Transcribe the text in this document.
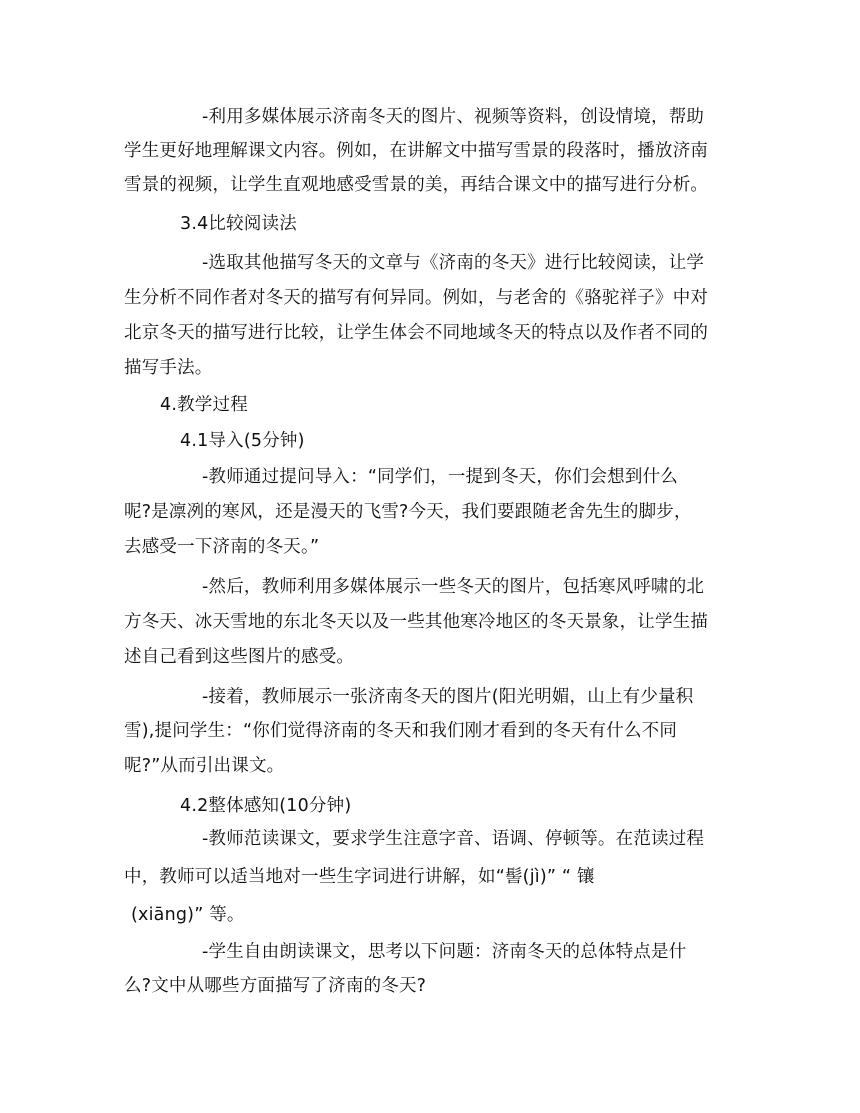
-利用多媒体展示济南冬天的图片、视频等资料，创设情境，帮助
学生更好地理解课文内容。例如，在讲解文中描写雪景的段落时，播放济南
雪景的视频，让学生直观地感受雪景的美，再结合课文中的描写进行分析。
3.4比较阅读法
-选取其他描写冬天的文章与《济南的冬天》进行比较阅读，让学
生分析不同作者对冬天的描写有何异同。例如，与老舍的《骆驼祥子》中对
北京冬天的描写进行比较，让学生体会不同地域冬天的特点以及作者不同的
描写手法。
4.教学过程
4.1导入(5分钟)
-教师通过提问导入：“同学们，一提到冬天，你们会想到什么
呢?是凛冽的寒风，还是漫天的飞雪?今天，我们要跟随老舍先生的脚步，
去感受一下济南的冬天。”
-然后，教师利用多媒体展示一些冬天的图片，包括寒风呼啸的北
方冬天、冰天雪地的东北冬天以及一些其他寒冷地区的冬天景象，让学生描
述自己看到这些图片的感受。
-接着，教师展示一张济南冬天的图片(阳光明媚，山上有少量积
雪),提问学生：“你们觉得济南的冬天和我们刚才看到的冬天有什么不同
呢?”从而引出课文。
4.2整体感知(10分钟)
-教师范读课文，要求学生注意字音、语调、停顿等。在范读过程
中，教师可以适当地对一些生字词进行讲解，如“髻(jì)” “ 镶
(xiāng)” 等。
-学生自由朗读课文，思考以下问题：济南冬天的总体特点是什
么?文中从哪些方面描写了济南的冬天?
